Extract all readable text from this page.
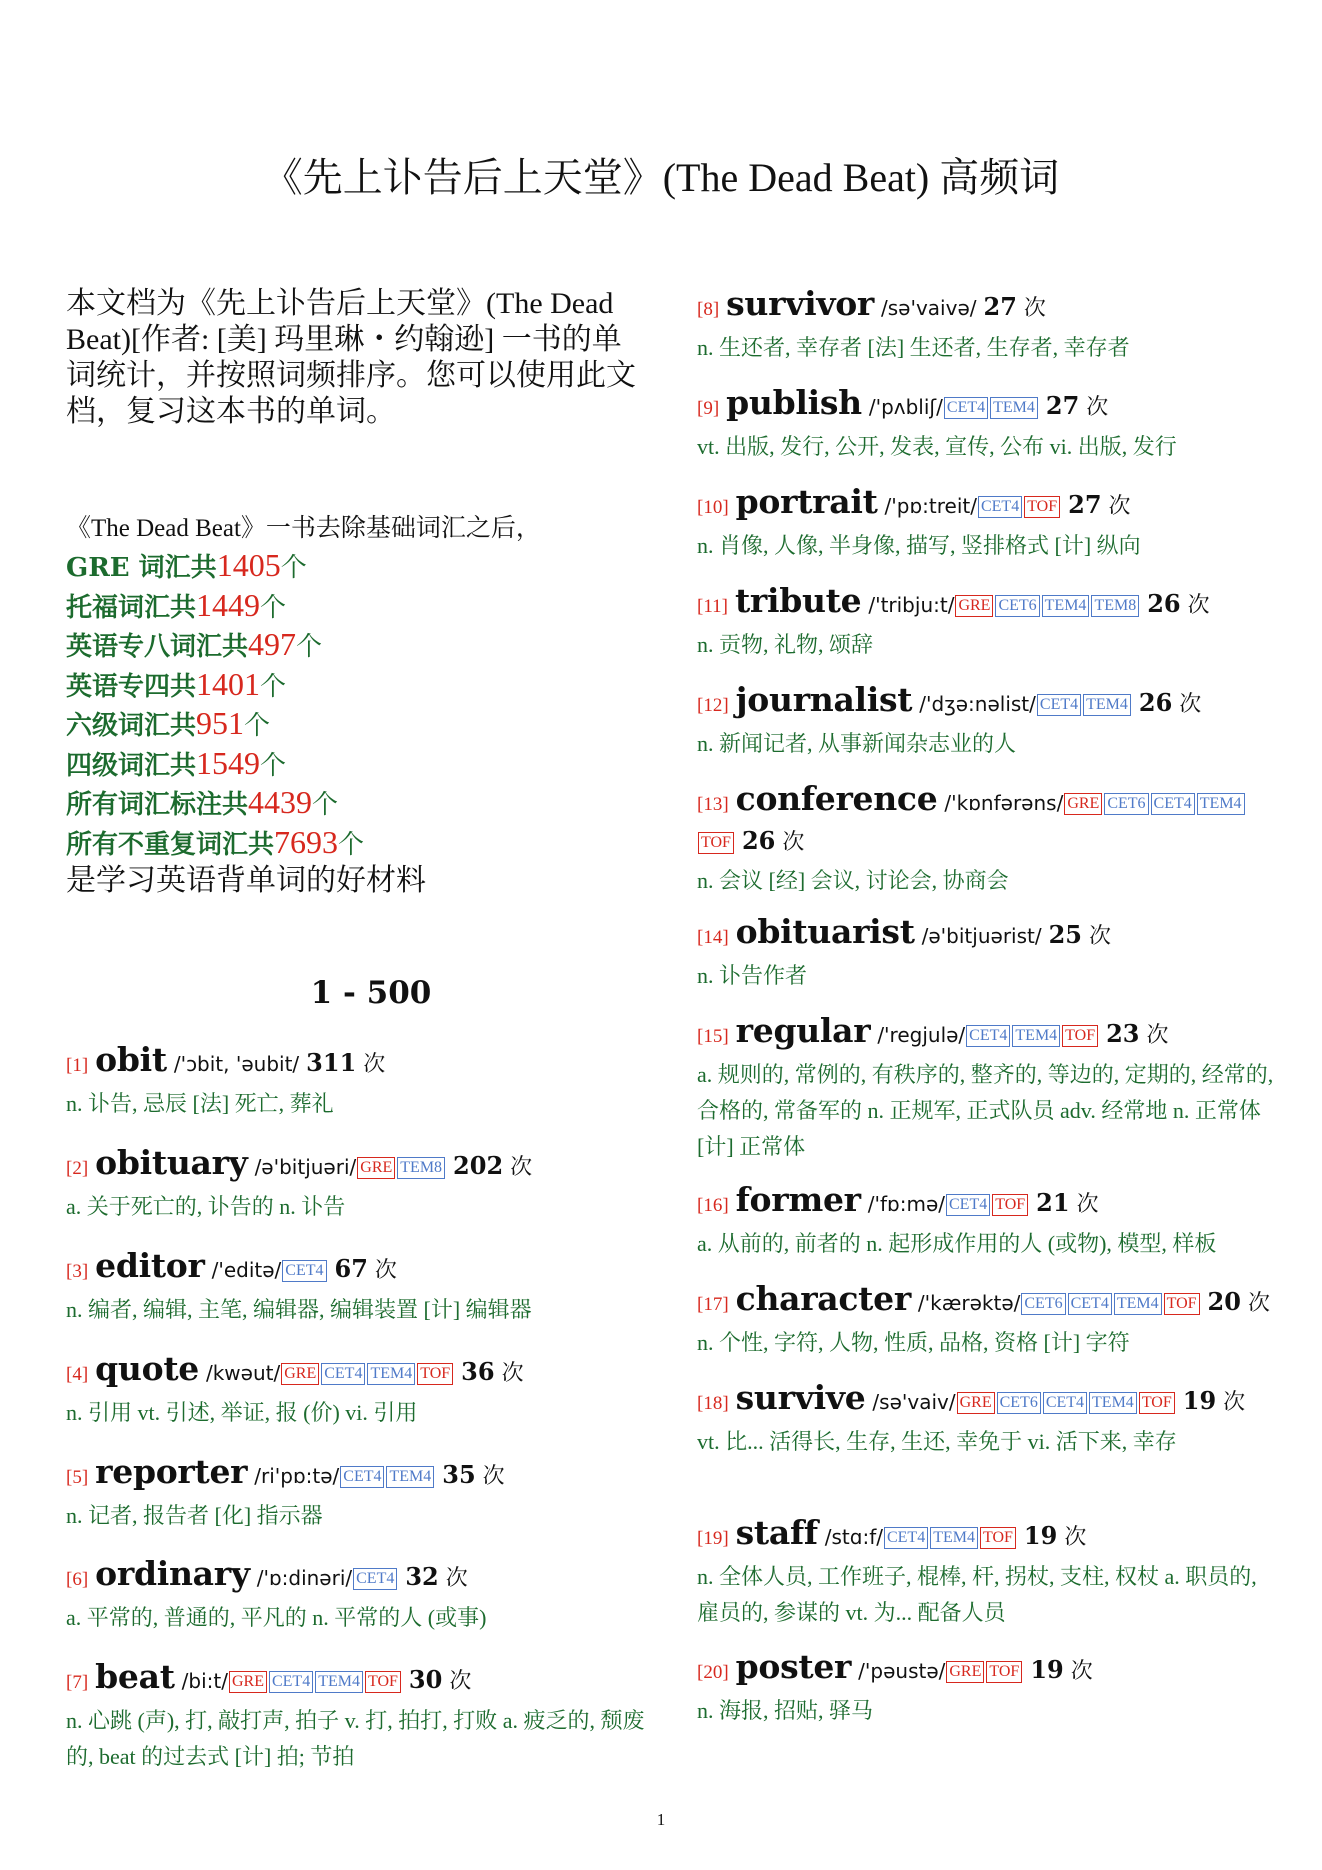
《先上讣告后上天堂》(The Dead Beat) 高频词
本文档为《先上讣告后上天堂》(The Dead Beat)[作者: [美] 玛里琳・约翰逊] 一书的单词统计，并按照词频排序。您可以使用此文档，复习这本书的单词。
《The Dead Beat》一书去除基础词汇之后，
GRE 词汇共1405个
托福词汇共1449个
英语专八词汇共497个
英语专四共1401个
六级词汇共951个
四级词汇共1549个
所有词汇标注共4439个
所有不重复词汇共7693个
是学习英语背单词的好材料
1 - 500
[1] obit /'ɔbit, 'əubit/ 311 次
n. 讣告, 忌辰 [法] 死亡, 葬礼
[2] obituary /ə'bitjuəri/ GRE TEM8 202 次
a. 关于死亡的, 讣告的 n. 讣告
[3] editor /'editə/ CET4 67 次
n. 编者, 编辑, 主笔, 编辑器, 编辑装置 [计] 编辑器
[4] quote /kwəut/ GRE CET4 TEM4 TOF 36 次
n. 引用 vt. 引述, 举证, 报 (价) vi. 引用
[5] reporter /ri'pɒ:tə/ CET4 TEM4 35 次
n. 记者, 报告者 [化] 指示器
[6] ordinary /'ɒ:dinəri/ CET4 32 次
a. 平常的, 普通的, 平凡的 n. 平常的人 (或事)
[7] beat /bi:t/ GRE CET4 TEM4 TOF 30 次
n. 心跳 (声), 打, 敲打声, 拍子 v. 打, 拍打, 打败 a. 疲乏的, 颓废的, beat 的过去式 [计] 拍; 节拍
[8] survivor /sə'vaivə/ 27 次
n. 生还者, 幸存者 [法] 生还者, 生存者, 幸存者
[9] publish /'pʌbliʃ/ CET4 TEM4 27 次
vt. 出版, 发行, 公开, 发表, 宣传, 公布 vi. 出版, 发行
[10] portrait /'pɒ:treit/ CET4 TOF 27 次
n. 肖像, 人像, 半身像, 描写, 竖排格式 [计] 纵向
[11] tribute /'tribju:t/ GRE CET6 TEM4 TEM8 26 次
n. 贡物, 礼物, 颂辞
[12] journalist /'dʒə:nəlist/ CET4 TEM4 26 次
n. 新闻记者, 从事新闻杂志业的人
[13] conference /'kɒnfərəns/ GRE CET6 CET4 TEM4TOF 26 次
n. 会议 [经] 会议, 讨论会, 协商会
[14] obituarist /ə'bitjuərist/ 25 次
n. 讣告作者
[15] regular /'regjulə/ CET4 TEM4 TOF 23 次
a. 规则的, 常例的, 有秩序的, 整齐的, 等边的, 定期的, 经常的, 合格的, 常备军的 n. 正规军, 正式队员 adv. 经常地 n. 正常体 [计] 正常体
[16] former /'fɒ:mə/ CET4 TOF 21 次
a. 从前的, 前者的 n. 起形成作用的人 (或物), 模型, 样板
[17] character /'kærəktə/ CET6 CET4 TEM4 TOF 20 次
n. 个性, 字符, 人物, 性质, 品格, 资格 [计] 字符
[18] survive /sə'vaiv/ GRE CET6 CET4 TEM4 TOF 19 次
vt. 比... 活得长, 生存, 生还, 幸免于 vi. 活下来, 幸存
[19] staff /stɑ:f/ CET4 TEM4 TOF 19 次
n. 全体人员, 工作班子, 棍棒, 杆, 拐杖, 支柱, 权杖 a. 职员的, 雇员的, 参谋的 vt. 为... 配备人员
[20] poster /'pəustə/ GRE TOF 19 次
n. 海报, 招贴, 驿马
1
